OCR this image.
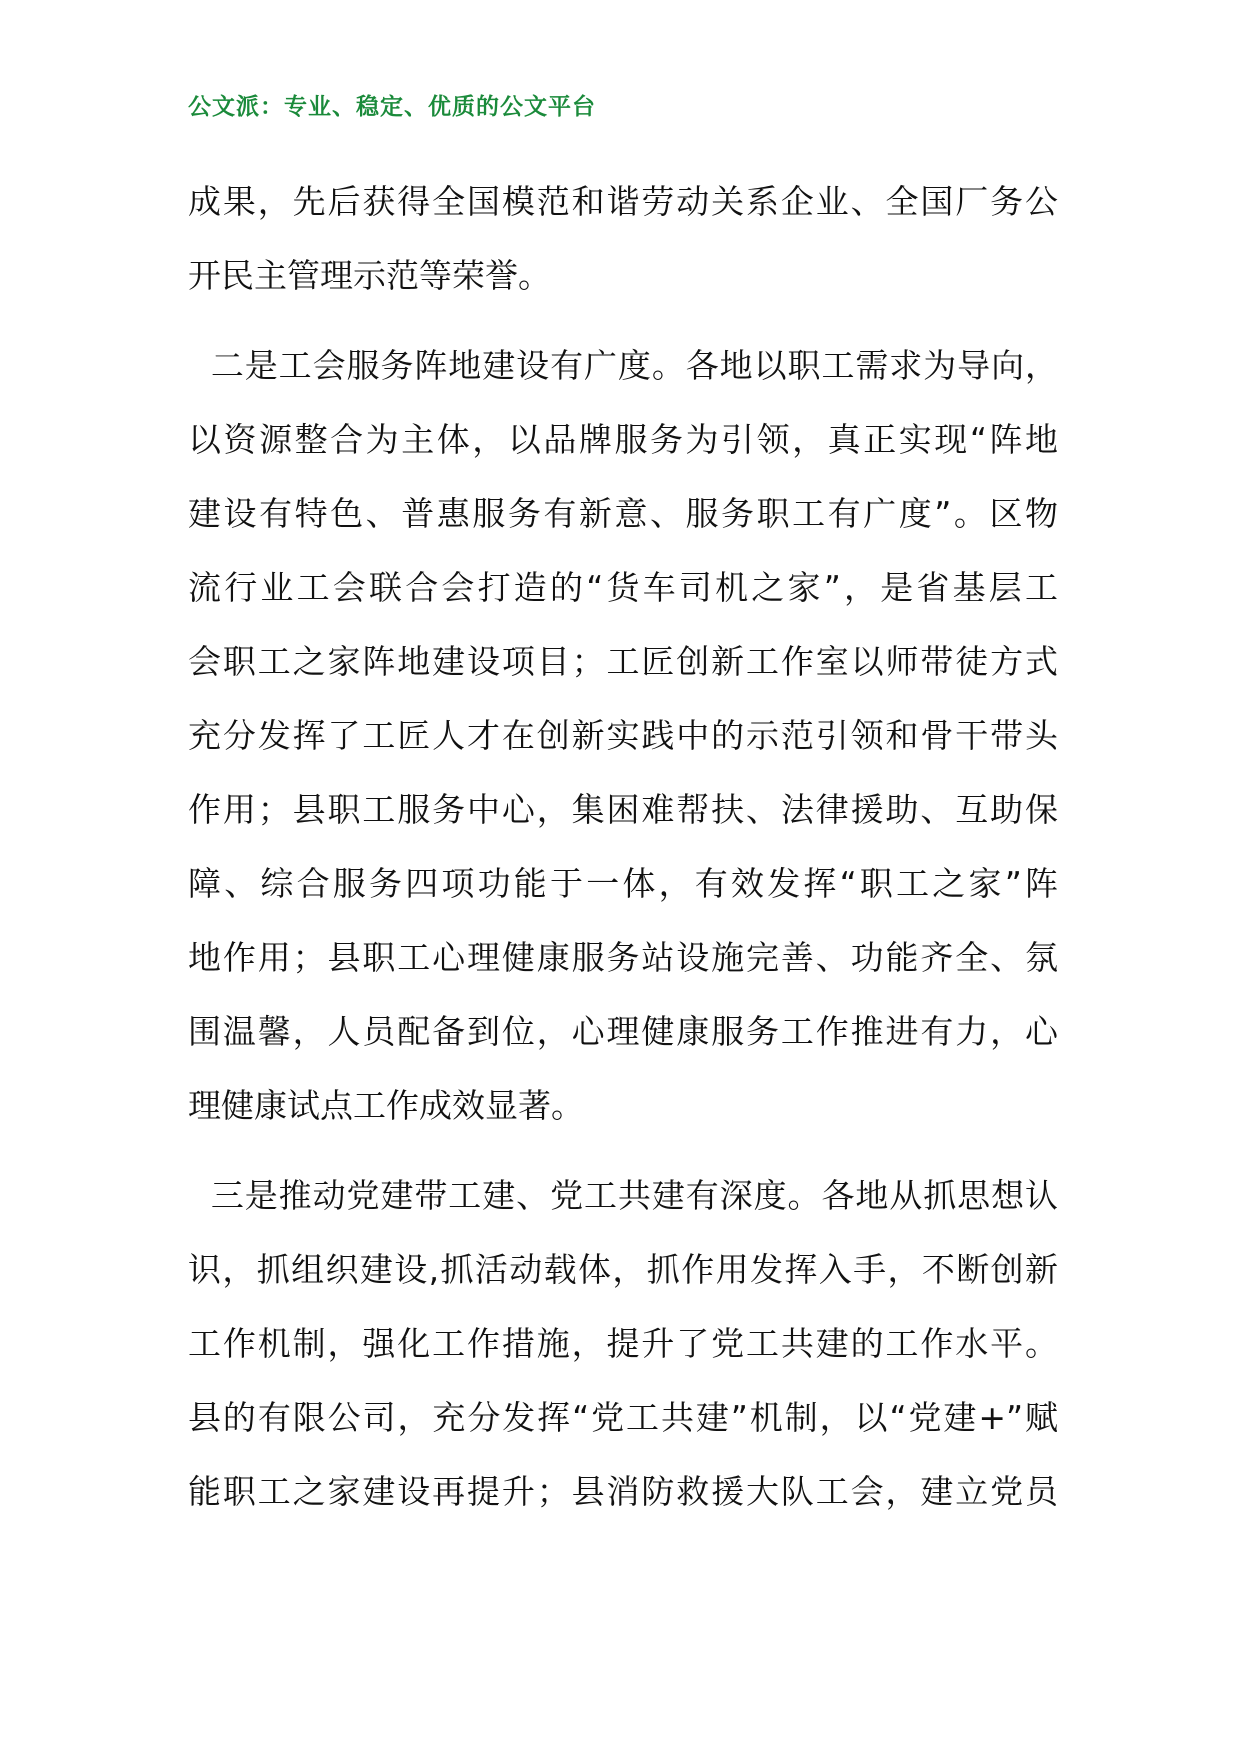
公文派：专业、稳定、优质的公文平台
成果，先后获得全国模范和谐劳动关系企业、全国厂务公
开民主管理示范等荣誉。
二是工会服务阵地建设有广度。各地以职工需求为导向，
以资源整合为主体，以品牌服务为引领，真正实现“阵地
建设有特色、普惠服务有新意、服务职工有广度”。区物
流行业工会联合会打造的“货车司机之家”，是省基层工
会职工之家阵地建设项目；工匠创新工作室以师带徒方式
充分发挥了工匠人才在创新实践中的示范引领和骨干带头
作用；县职工服务中心，集困难帮扶、法律援助、互助保
障、综合服务四项功能于一体，有效发挥“职工之家”阵
地作用；县职工心理健康服务站设施完善、功能齐全、氛
围温馨，人员配备到位，心理健康服务工作推进有力，心
理健康试点工作成效显著。
三是推动党建带工建、党工共建有深度。各地从抓思想认
识，抓组织建设,抓活动载体，抓作用发挥入手，不断创新
工作机制，强化工作措施，提升了党工共建的工作水平。
县的有限公司，充分发挥“党工共建”机制，以“党建+”赋
能职工之家建设再提升；县消防救援大队工会，建立党员
